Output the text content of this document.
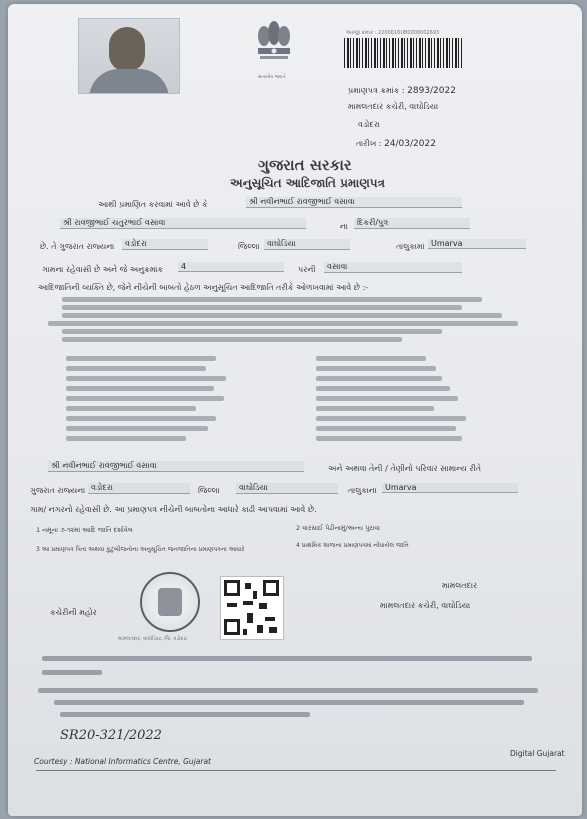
સત્યમેવ જયતે
અરજી ક્રમાંક : 2200016UB0000002693
પ્રમાણપત્ર ક્રમાંક : 2893/2022
મામલતદાર કચેરી, વાઘોડિયા
વડોદરા
તારીખ : 24/03/2022
ગુજરાત સરકાર
અનુસૂચિત આદિજાતિ પ્રમાણપત્ર
આથી પ્રમાણિત કરવામાં આવે છે કે	શ્રી નવીનભાઈ રાવજીભાઈ વસાવા
શ્રી રાવજીભાઈ ચતુરભાઈ વસાવા	ના	દિકરી/પુત્ર
છે. તે ગુજરાત રાજ્યના	વડોદરા	જિલ્લા વાઘોડિયા	તાલુકામાં Umarva
ગામના રહેવાસી છે અને જે અનુક્રમાંક	4	પરની	વસાવા
આદિજાતિની વ્યક્તિ છે, જેને નીચેની બાબતો હેઠળ અનુસૂચિત આદિજાતિ તરીકે ઓળખવામાં આવે છે :-
શ્રી નવીનભાઈ રાવજીભાઈ વસાવા	અને અથવા તેની / તેણીનો પરિવાર સામાન્ય રીતે
ગુજરાત રાજ્યના વડોદરા	જિલ્લા	વાઘોડિયા	તાલુકાના	Umarva
ગામ/ નગરનો રહેવાસી છે. આ પ્રમાણપત્ર નીચેની બાબતોના આધારે કાઢી આપવામાં આવે છે.
1 નમૂના ૭-૧૨માં આદિ જાતિ દર્શાવેલ	2 વારસાઈ પેઢીનામું/અન્ય પુરાવા
3 આ પ્રમાણપત્ર પિતા અથવા કુટુંબીજનોના અનુસૂચિત જનજાતિના પ્રમાણપત્રના આધારે
4 પ્રાથમિક શાળાના પ્રમાણપત્રમાં નોંધાયેલ જાતિ
મામલતદાર, વાઘોડિયા, જિ. વડોદરા
કચેરીની મહોર
મામલતદાર
મામલતદાર કચેરી, વાઘોડિયા
SR20-321/2022
Courtesy : National Informatics Centre, Gujarat
Digital Gujarat
